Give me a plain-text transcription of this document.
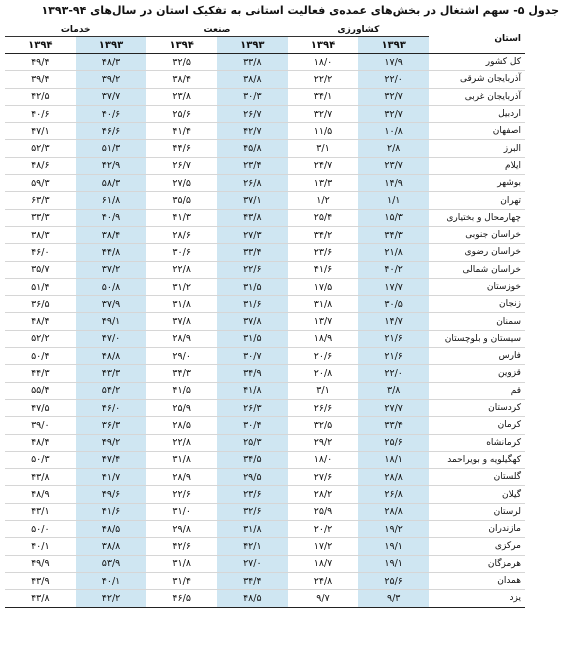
جدول ۵- سهم اشتغال در بخش‌های عمده‌ی فعالیت استانی به تفکیک استان در سال‌های ۹۴-۱۳۹۳
استان	کشاورزی		صنعت		خدمات	
	۱۳۹۳	۱۳۹۴	۱۳۹۳	۱۳۹۴	۱۳۹۳	۱۳۹۴
کل کشور	۱۷/۹	۱۸/۰	۳۳/۸	۳۲/۵	۴۸/۳	۴۹/۴
آذربایجان شرقی	۲۲/۰	۲۲/۲	۳۸/۸	۳۸/۴	۳۹/۲	۳۹/۴
آذربایجان غربی	۳۲/۷	۳۴/۱	۳۰/۳	۲۳/۸	۳۷/۷	۴۲/۵
اردبیل	۳۲/۷	۳۲/۷	۲۶/۷	۲۵/۶	۴۰/۶	۴۰/۶
اصفهان	۱۰/۸	۱۱/۵	۴۲/۷	۴۱/۴	۴۶/۶	۴۷/۱
البرز	۲/۸	۳/۱	۴۵/۸	۴۴/۶	۵۱/۳	۵۲/۳
ایلام	۲۳/۷	۲۴/۷	۲۳/۴	۲۶/۷	۴۲/۹	۴۸/۶
بوشهر	۱۴/۹	۱۳/۳	۲۶/۸	۲۷/۵	۵۸/۳	۵۹/۳
تهران	۱/۱	۱/۲	۳۷/۱	۳۵/۵	۶۱/۸	۶۳/۳
چهارمحال و بختیاری	۱۵/۳	۲۵/۴	۴۳/۸	۴۱/۳	۴۰/۹	۳۳/۳
خراسان جنوبی	۳۴/۳	۳۴/۲	۲۷/۳	۲۸/۶	۳۸/۴	۳۸/۳
خراسان رضوی	۲۱/۸	۲۳/۶	۳۳/۴	۳۰/۶	۴۴/۸	۴۶/۰
خراسان شمالی	۴۰/۲	۴۱/۶	۲۲/۶	۲۲/۸	۳۷/۲	۳۵/۷
خوزستان	۱۷/۷	۱۷/۵	۳۱/۵	۳۱/۲	۵۰/۸	۵۱/۴
زنجان	۳۰/۵	۳۱/۸	۳۱/۶	۳۱/۸	۳۷/۹	۳۶/۵
سمنان	۱۴/۷	۱۳/۷	۳۷/۸	۳۷/۸	۴۹/۱	۴۸/۴
سیستان و بلوچستان	۲۱/۶	۱۸/۹	۳۱/۵	۲۸/۹	۴۷/۰	۵۲/۲
فارس	۲۱/۶	۲۰/۶	۳۰/۷	۲۹/۰	۴۸/۸	۵۰/۴
قزوین	۲۲/۰	۲۰/۸	۳۴/۹	۳۴/۳	۴۳/۳	۴۴/۳
قم	۳/۸	۳/۱	۴۱/۸	۴۱/۵	۵۴/۲	۵۵/۴
کردستان	۲۷/۷	۲۶/۶	۲۶/۳	۲۵/۹	۴۶/۰	۴۷/۵
کرمان	۳۳/۴	۳۲/۵	۳۰/۴	۲۸/۵	۳۶/۳	۳۹/۰
کرمانشاه	۲۵/۶	۲۹/۲	۲۵/۳	۲۲/۸	۴۹/۲	۴۸/۴
کهگیلویه و بویراحمد	۱۸/۱	۱۸/۰	۳۴/۵	۳۱/۸	۴۷/۴	۵۰/۳
گلستان	۲۸/۸	۲۷/۶	۲۹/۵	۲۸/۹	۴۱/۷	۴۳/۸
گیلان	۲۶/۸	۲۸/۲	۲۳/۶	۲۲/۶	۴۹/۶	۴۸/۹
لرستان	۲۸/۸	۲۵/۹	۳۲/۶	۳۱/۰	۴۱/۶	۴۳/۱
مازندران	۱۹/۲	۲۰/۲	۳۱/۸	۲۹/۸	۴۸/۵	۵۰/۰
مرکزی	۱۹/۱	۱۷/۲	۴۲/۱	۴۲/۶	۳۸/۸	۴۰/۱
هرمزگان	۱۹/۱	۱۸/۷	۲۷/۰	۳۱/۸	۵۳/۹	۴۹/۹
همدان	۲۵/۶	۲۴/۸	۳۴/۴	۳۱/۴	۴۰/۱	۴۳/۹
یزد	۹/۳	۹/۷	۴۸/۵	۴۶/۵	۴۲/۲	۴۳/۸
